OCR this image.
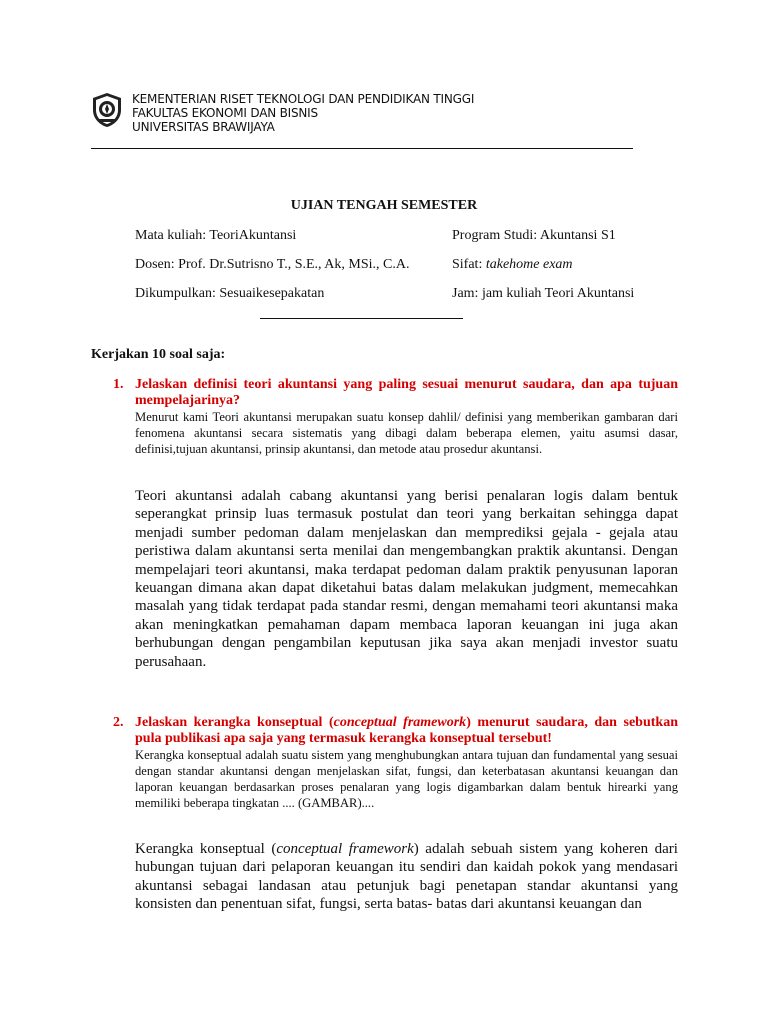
KEMENTERIAN RISET TEKNOLOGI DAN PENDIDIKAN TINGGI
FAKULTAS EKONOMI DAN BISNIS
UNIVERSITAS BRAWIJAYA
UJIAN TENGAH SEMESTER
Mata kuliah: TeoriAkuntansi	Program Studi: Akuntansi S1
Dosen: Prof. Dr.Sutrisno T., S.E., Ak, MSi., C.A.	Sifat: takehome exam
Dikumpulkan: Sesuaikesepakatan	Jam: jam kuliah Teori Akuntansi
Kerjakan 10 soal saja:
1. Jelaskan definisi teori akuntansi yang paling sesuai menurut saudara, dan apa tujuan mempelajarinya?
Menurut kami Teori akuntansi merupakan suatu konsep dahlil/ definisi yang memberikan gambaran dari fenomena akuntansi secara sistematis yang dibagi dalam beberapa elemen, yaitu asumsi dasar, definisi,tujuan akuntansi, prinsip akuntansi, dan metode atau prosedur akuntansi.
Teori akuntansi adalah cabang akuntansi yang berisi penalaran logis dalam bentuk seperangkat prinsip luas termasuk postulat dan teori yang berkaitan sehingga dapat menjadi sumber pedoman dalam menjelaskan dan memprediksi gejala - gejala atau peristiwa dalam akuntansi serta menilai dan mengembangkan praktik akuntansi. Dengan mempelajari teori akuntansi, maka terdapat pedoman dalam praktik penyusunan laporan keuangan dimana akan dapat diketahui batas dalam melakukan judgment, memecahkan masalah yang tidak terdapat pada standar resmi, dengan memahami teori akuntansi maka akan meningkatkan pemahaman dapam membaca laporan keuangan ini juga akan berhubungan dengan pengambilan keputusan jika saya akan menjadi investor suatu perusahaan.
2. Jelaskan kerangka konseptual (conceptual framework) menurut saudara, dan sebutkan pula publikasi apa saja yang termasuk kerangka konseptual tersebut!
Kerangka konseptual adalah suatu sistem yang menghubungkan antara tujuan dan fundamental yang sesuai dengan standar akuntansi dengan menjelaskan sifat, fungsi, dan keterbatasan akuntansi keuangan dan laporan keuangan berdasarkan proses penalaran yang logis digambarkan dalam bentuk hirearki yang memiliki beberapa tingkatan .... (GAMBAR)....
Kerangka konseptual (conceptual framework) adalah sebuah sistem yang koheren dari hubungan tujuan dari pelaporan keuangan itu sendiri dan kaidah pokok yang mendasari akuntansi sebagai landasan atau petunjuk bagi penetapan standar akuntansi yang konsisten dan penentuan sifat, fungsi, serta batas- batas dari akuntansi keuangan dan
